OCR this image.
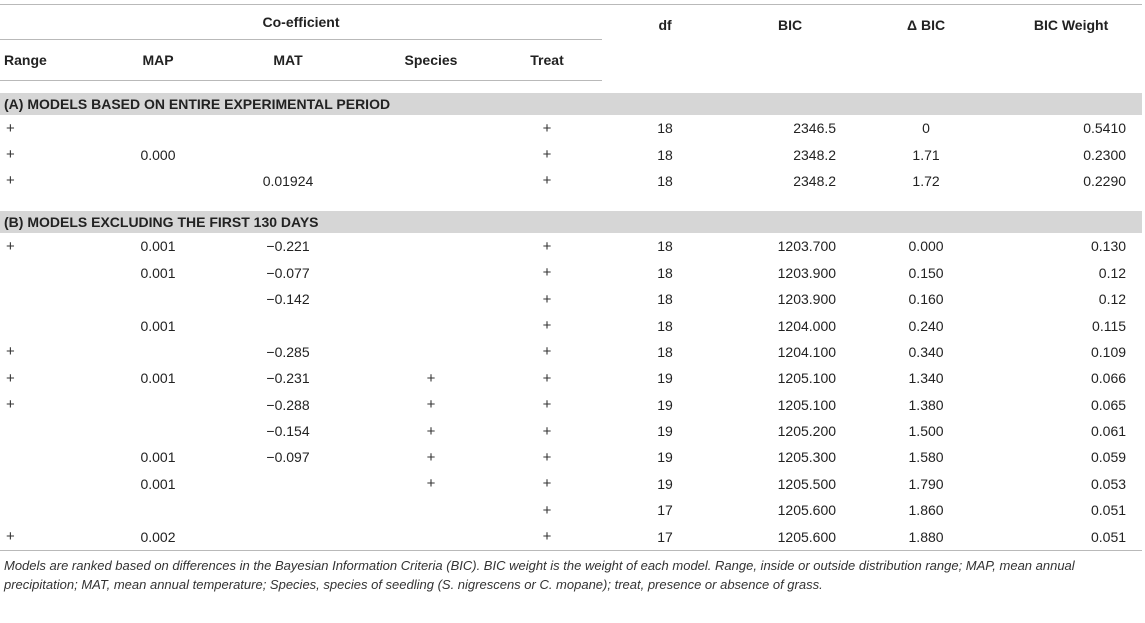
Co-efficient					df	BIC	Δ BIC	BIC Weight
Range	MAP	MAT	Species	Treat				

(A) MODELS BASED ON ENTIRE EXPERIMENTAL PERIOD								
+				+	18	2346.5	0	0.5410
+	0.000			+	18	2348.2	1.71	0.2300
+		0.01924		+	18	2348.2	1.72	0.2290

(B) MODELS EXCLUDING THE FIRST 130 DAYS								
+	0.001	−0.221		+	18	1203.700	0.000	0.130
	0.001	−0.077		+	18	1203.900	0.150	0.12
		−0.142		+	18	1203.900	0.160	0.12
	0.001			+	18	1204.000	0.240	0.115
+		−0.285		+	18	1204.100	0.340	0.109
+	0.001	−0.231	+	+	19	1205.100	1.340	0.066
+		−0.288	+	+	19	1205.100	1.380	0.065
		−0.154	+	+	19	1205.200	1.500	0.061
	0.001	−0.097	+	+	19	1205.300	1.580	0.059
	0.001		+	+	19	1205.500	1.790	0.053
				+	17	1205.600	1.860	0.051
+	0.002			+	17	1205.600	1.880	0.051
Models are ranked based on differences in the Bayesian Information Criteria (BIC). BIC weight is the weight of each model. Range, inside or outside distribution range; MAP, mean annual precipitation; MAT, mean annual temperature; Species, species of seedling (S. nigrescens or C. mopane); treat, presence or absence of grass.
